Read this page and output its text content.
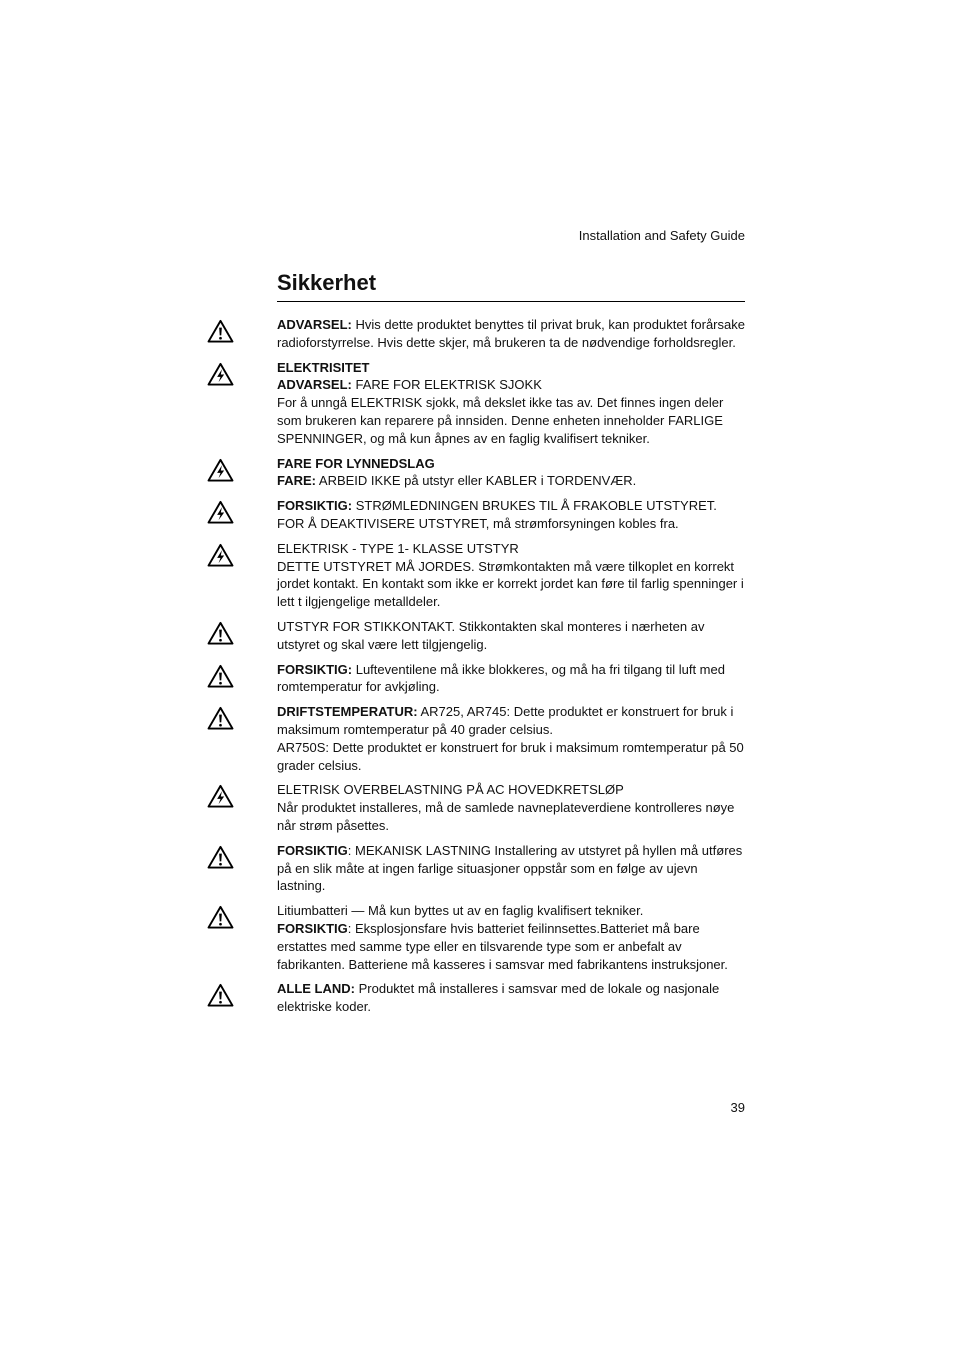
Installation and Safety Guide
Sikkerhet
ADVARSEL: Hvis dette produktet benyttes til privat bruk, kan produktet forårsake radioforstyrrelse. Hvis dette skjer, må brukeren ta de nødvendige forholdsregler.
ELEKTRISITET
ADVARSEL: FARE FOR ELEKTRISK SJOKK
For å unngå ELEKTRISK sjokk, må dekslet ikke tas av. Det finnes ingen deler som brukeren kan reparere på innsiden. Denne enheten inneholder FARLIGE SPENNINGER, og må kun åpnes av en faglig kvalifisert tekniker.
FARE FOR LYNNEDSLAG
FARE: ARBEID IKKE på utstyr eller KABLER i TORDENVÆR.
FORSIKTIG: STRØMLEDNINGEN BRUKES TIL Å FRAKOBLE UTSTYRET. FOR Å DEAKTIVISERE UTSTYRET, må strømforsyningen kobles fra.
ELEKTRISK - TYPE 1- KLASSE UTSTYR
DETTE UTSTYRET MÅ JORDES. Strømkontakten må være tilkoplet en korrekt jordet kontakt. En kontakt som ikke er korrekt jordet kan føre til farlig spenninger i lett t ilgjengelige metalldeler.
UTSTYR FOR STIKKONTAKT. Stikkontakten skal monteres i nærheten av utstyret og skal være lett tilgjengelig.
FORSIKTIG: Lufteventilene må ikke blokkeres, og må ha fri tilgang til luft med romtemperatur for avkjøling.
DRIFTSTEMPERATUR: AR725, AR745: Dette produktet er konstruert for bruk i maksimum romtemperatur på 40 grader celsius.
AR750S: Dette produktet er konstruert for bruk i maksimum romtemperatur på 50 grader celsius.
ELETRISK OVERBELASTNING PÅ AC HOVEDKRETSLØP
Når produktet installeres, må de samlede navneplateverdiene kontrolleres nøye når strøm påsettes.
FORSIKTIG: MEKANISK LASTNING Installering av utstyret på hyllen må utføres på en slik måte at ingen farlige situasjoner oppstår som en følge av ujevn lastning.
Litiumbatteri — Må kun byttes ut av en faglig kvalifisert tekniker.
FORSIKTIG: Eksplosjonsfare hvis batteriet feilinnsettes.Batteriet må bare erstattes med samme type eller en tilsvarende type som er anbefalt av fabrikanten. Batteriene må kasseres i samsvar med fabrikantens instruksjoner.
ALLE LAND: Produktet må installeres i samsvar med de lokale og nasjonale elektriske koder.
39
